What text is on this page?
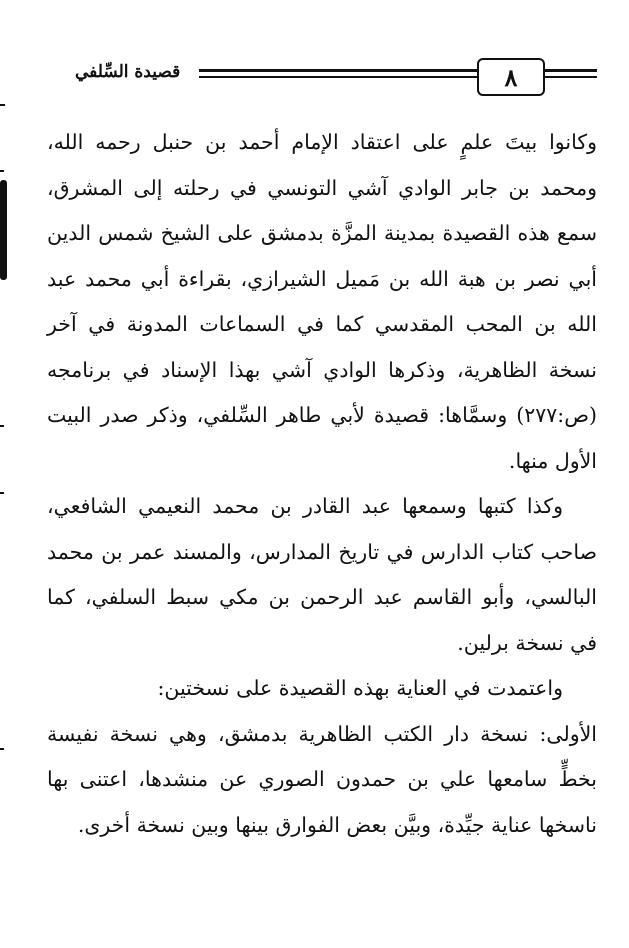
قصيدة السِّلفي	٨

وكانوا بيتَ علمٍ على اعتقاد الإمام أحمد بن حنبل رحمه الله، ومحمد بن جابر الوادي آشي التونسي في رحلته إلى المشرق، سمع هذه القصيدة بمدينة المزَّة بدمشق على الشيخ شمس الدين أبي نصر بن هبة الله بن مَميل الشيرازي، بقراءة أبي محمد عبد الله بن المحب المقدسي كما في السماعات المدونة في آخر نسخة الظاهرية، وذكرها الوادي آشي بهذا الإسناد في برنامجه (ص:٢٧٧) وسمَّاها: قصيدة لأبي طاهر السِّلفي، وذكر صدر البيت الأول منها.

وكذا كتبها وسمعها عبد القادر بن محمد النعيمي الشافعي، صاحب كتاب الدارس في تاريخ المدارس، والمسند عمر بن محمد البالسي، وأبو القاسم عبد الرحمن بن مكي سبط السلفي، كما في نسخة برلين.

واعتمدت في العناية بهذه القصيدة على نسختين:

الأولى: نسخة دار الكتب الظاهرية بدمشق، وهي نسخة نفيسة بخطٍّ سامعها علي بن حمدون الصوري عن منشدها، اعتنى بها ناسخها عناية جيِّدة، وبيَّن بعض الفوارق بينها وبين نسخة أخرى.
